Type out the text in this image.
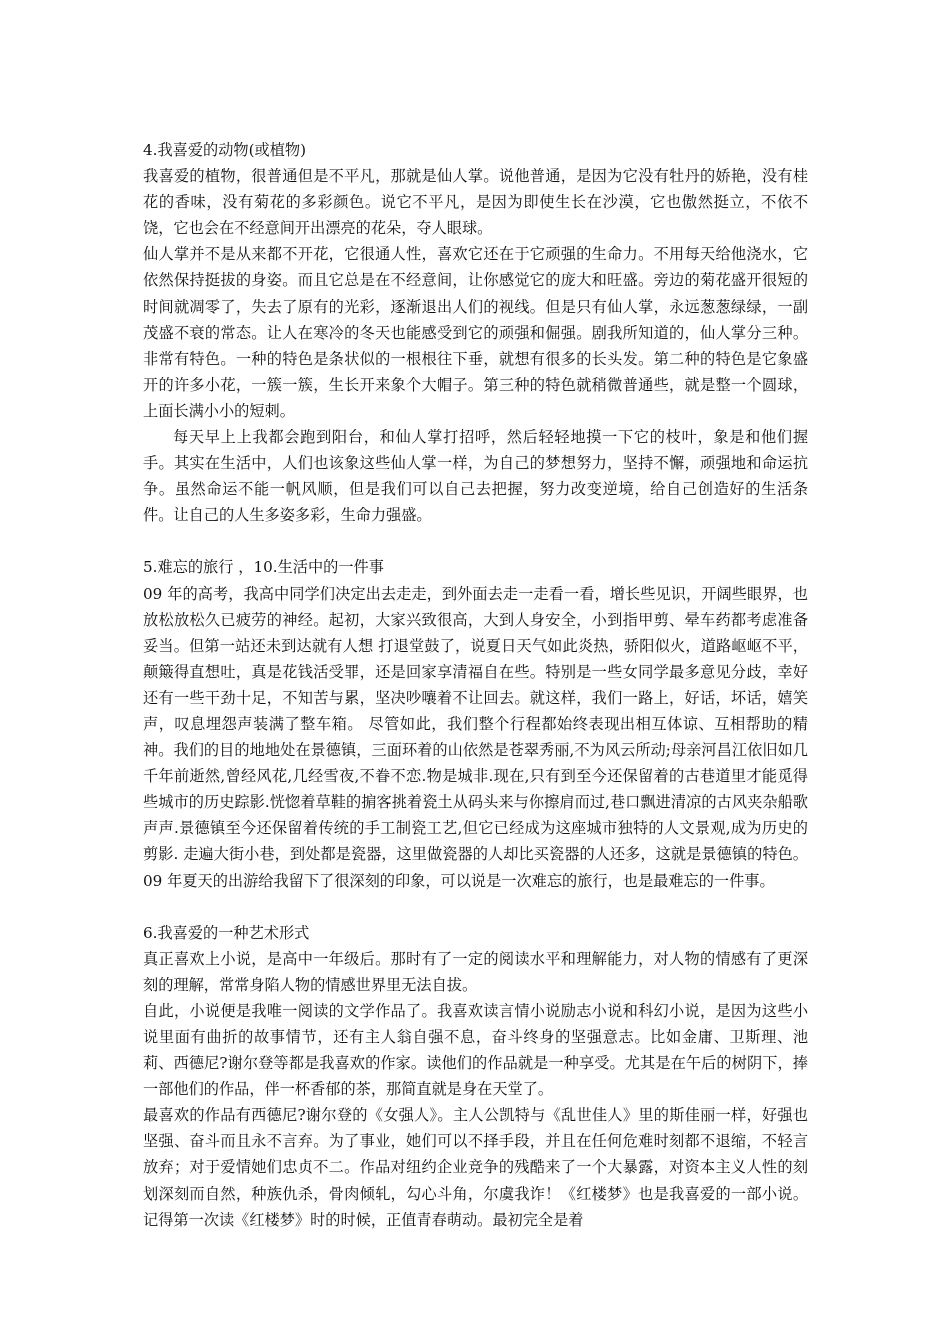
4.我喜爱的动物(或植物)

我喜爱的植物，很普通但是不平凡，那就是仙人掌。说他普通，是因为它没有牡丹的娇艳，没有桂花的香味，没有菊花的多彩颜色。说它不平凡，是因为即使生长在沙漠，它也傲然挺立，不依不饶，它也会在不经意间开出漂亮的花朵，夺人眼球。

仙人掌并不是从来都不开花，它很通人性，喜欢它还在于它顽强的生命力。不用每天给他浇水，它依然保持挺拔的身姿。而且它总是在不经意间，让你感觉它的庞大和旺盛。旁边的菊花盛开很短的时间就凋零了，失去了原有的光彩，逐渐退出人们的视线。但是只有仙人掌，永远葱葱绿绿，一副茂盛不衰的常态。让人在寒冷的冬天也能感受到它的顽强和倔强。剧我所知道的，仙人掌分三种。非常有特色。一种的特色是条状似的一根根往下垂，就想有很多的长头发。第二种的特色是它象盛开的许多小花，一簇一簇，生长开来象个大帽子。第三种的特色就稍微普通些，就是整一个圆球，上面长满小小的短刺。

每天早上上我都会跑到阳台，和仙人掌打招呼，然后轻轻地摸一下它的枝叶，象是和他们握手。其实在生活中，人们也该象这些仙人掌一样，为自己的梦想努力，坚持不懈，顽强地和命运抗争。虽然命运不能一帆风顺，但是我们可以自己去把握，努力改变逆境，给自己创造好的生活条件。让自己的人生多姿多彩，生命力强盛。

5.难忘的旅行 ，10.生活中的一件事

09 年的高考，我高中同学们决定出去走走，到外面去走一走看一看，增长些见识，开阔些眼界，也放松放松久已疲劳的神经。起初，大家兴致很高，大到人身安全，小到指甲剪、晕车药都考虑准备妥当。但第一站还未到达就有人想 打退堂鼓了，说夏日天气如此炎热，骄阳似火，道路岖岖不平，颠簸得直想吐，真是花钱活受罪，还是回家享清福自在些。特别是一些女同学最多意见分歧，幸好还有一些干劲十足，不知苦与累，坚决吵嚷着不让回去。就这样，我们一路上，好话，坏话，嬉笑声，叹息埋怨声装满了整车箱。 尽管如此，我们整个行程都始终表现出相互体谅、互相帮助的精神。我们的目的地地处在景德镇，三面环着的山依然是苍翠秀丽,不为风云所动;母亲河昌江依旧如几千年前逝然,曾经风花,几经雪夜,不眷不恋.物是城非.现在,只有到至今还保留着的古巷道里才能觅得些城市的历史踪影.恍惚着草鞋的掮客挑着瓷土从码头来与你擦肩而过,巷口飘进清凉的古风夹杂船歌声声.景德镇至今还保留着传统的手工制瓷工艺,但它已经成为这座城市独特的人文景观,成为历史的剪影. 走遍大街小巷，到处都是瓷器，这里做瓷器的人却比买瓷器的人还多，这就是景德镇的特色。09 年夏天的出游给我留下了很深刻的印象，可以说是一次难忘的旅行，也是最难忘的一件事。

6.我喜爱的一种艺术形式

真正喜欢上小说，是高中一年级后。那时有了一定的阅读水平和理解能力，对人物的情感有了更深刻的理解，常常身陷人物的情感世界里无法自拔。

自此，小说便是我唯一阅读的文学作品了。我喜欢读言情小说励志小说和科幻小说，是因为这些小说里面有曲折的故事情节，还有主人翁自强不息，奋斗终身的坚强意志。比如金庸、卫斯理、池莉、西德尼?谢尔登等都是我喜欢的作家。读他们的作品就是一种享受。尤其是在午后的树阴下，捧一部他们的作品，伴一杯香郁的茶，那简直就是身在天堂了。

最喜欢的作品有西德尼?谢尔登的《女强人》。主人公凯特与《乱世佳人》里的斯佳丽一样，好强也坚强、奋斗而且永不言弃。为了事业，她们可以不择手段，并且在任何危难时刻都不退缩，不轻言放弃；对于爱情她们忠贞不二。作品对纽约企业竞争的残酷来了一个大暴露，对资本主义人性的刻划深刻而自然，种族仇杀，骨肉倾轧，勾心斗角，尔虞我诈！《红楼梦》也是我喜爱的一部小说。记得第一次读《红楼梦》时的时候，正值青春萌动。最初完全是着
